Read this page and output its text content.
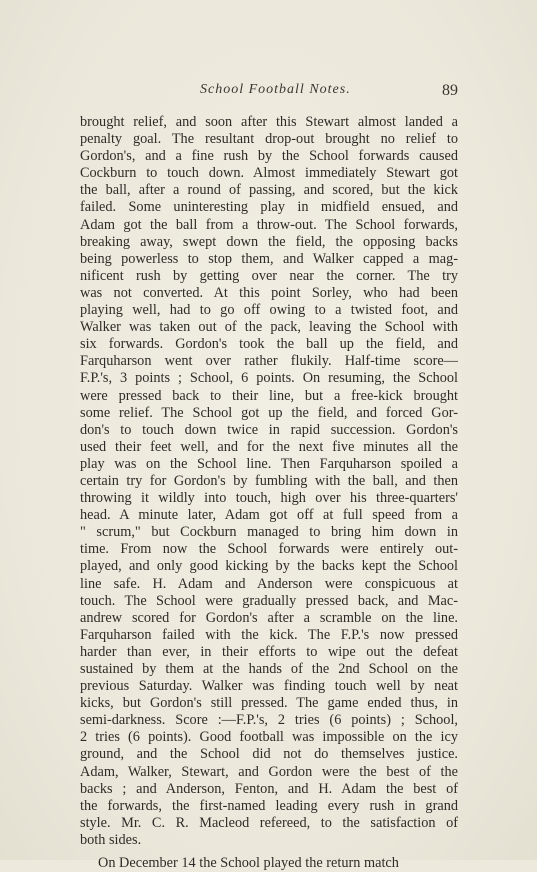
School Football Notes.	89
brought relief, and soon after this Stewart almost landed a
penalty goal. The resultant drop-out brought no relief to
Gordon's, and a fine rush by the School forwards caused
Cockburn to touch down. Almost immediately Stewart got
the ball, after a round of passing, and scored, but the kick
failed. Some uninteresting play in midfield ensued, and
Adam got the ball from a throw-out. The School forwards,
breaking away, swept down the field, the opposing backs
being powerless to stop them, and Walker capped a mag-
nificent rush by getting over near the corner. The try
was not converted. At this point Sorley, who had been
playing well, had to go off owing to a twisted foot, and
Walker was taken out of the pack, leaving the School with
six forwards. Gordon's took the ball up the field, and
Farquharson went over rather flukily. Half-time score—
F.P.'s, 3 points ; School, 6 points. On resuming, the School
were pressed back to their line, but a free-kick brought
some relief. The School got up the field, and forced Gor-
don's to touch down twice in rapid succession. Gordon's
used their feet well, and for the next five minutes all the
play was on the School line. Then Farquharson spoiled a
certain try for Gordon's by fumbling with the ball, and then
throwing it wildly into touch, high over his three-quarters'
head. A minute later, Adam got off at full speed from a
" scrum," but Cockburn managed to bring him down in
time. From now the School forwards were entirely out-
played, and only good kicking by the backs kept the School
line safe. H. Adam and Anderson were conspicuous at
touch. The School were gradually pressed back, and Mac-
andrew scored for Gordon's after a scramble on the line.
Farquharson failed with the kick. The F.P.'s now pressed
harder than ever, in their efforts to wipe out the defeat
sustained by them at the hands of the 2nd School on the
previous Saturday. Walker was finding touch well by neat
kicks, but Gordon's still pressed. The game ended thus, in
semi-darkness. Score :—F.P.'s, 2 tries (6 points) ; School,
2 tries (6 points). Good football was impossible on the icy
ground, and the School did not do themselves justice.
Adam, Walker, Stewart, and Gordon were the best of the
backs ; and Anderson, Fenton, and H. Adam the best of
the forwards, the first-named leading every rush in grand
style. Mr. C. R. Macleod refereed, to the satisfaction of
both sides.
On December 14 the School played the return match
